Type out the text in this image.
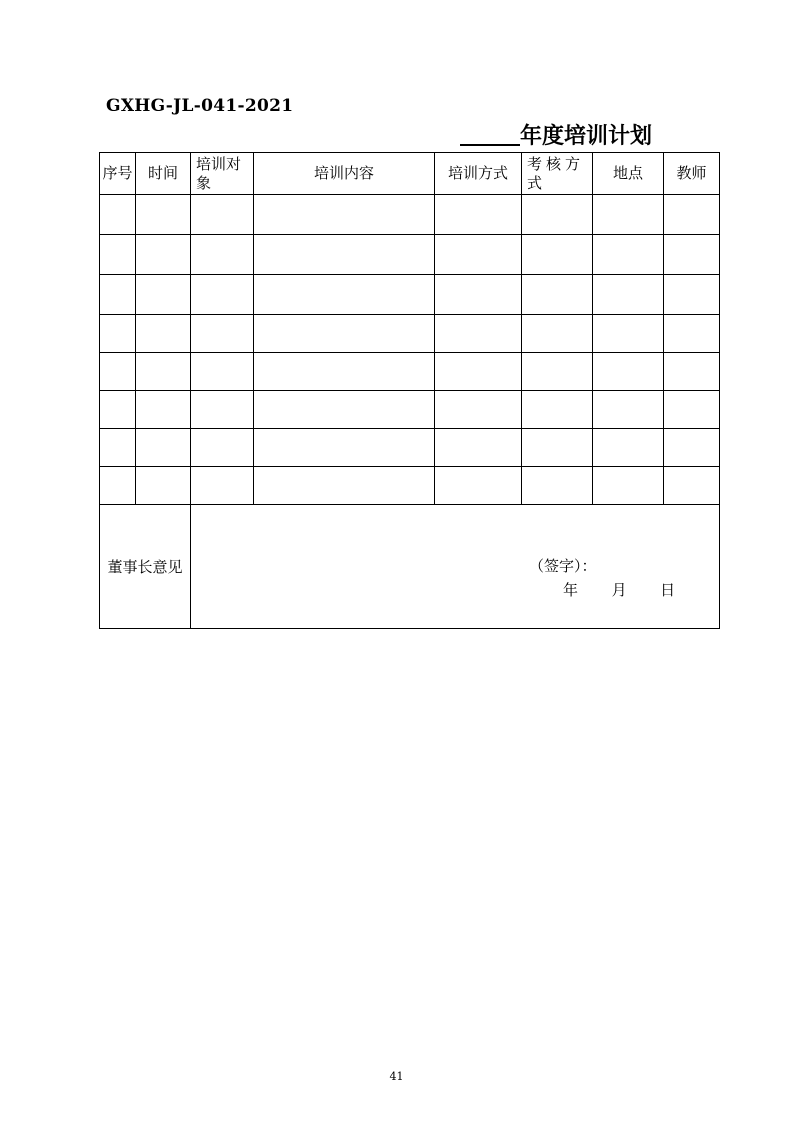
GXHG-JL-041-2021
年度培训计划
序号	时间	培训对象	培训内容	培训方式	考核方式	地点	教师

董事长意见		（签字）：
年 月 日					
41
